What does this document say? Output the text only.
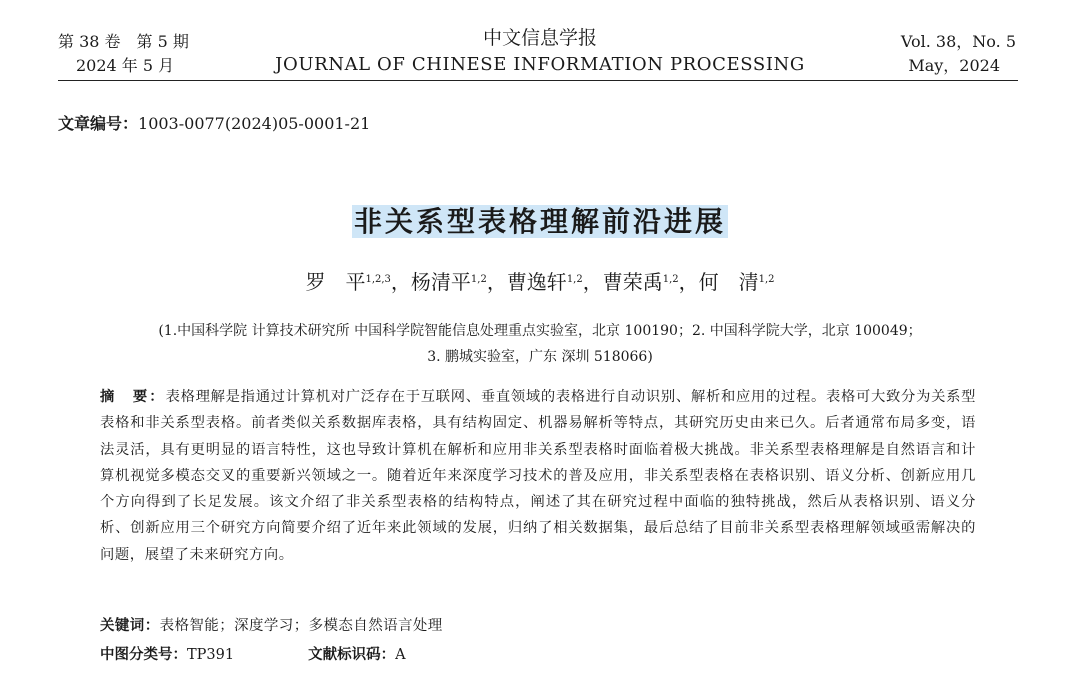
第 38 卷　第 5 期
2024 年 5 月
中文信息学报
JOURNAL OF CHINESE INFORMATION PROCESSING
Vol. 38，No. 5
May，2024
文章编号：1003-0077(2024)05-0001-21
非关系型表格理解前沿进展
罗　平$^{1,2,3}$，杨清平$^{1,2}$，曹逸轩$^{1,2}$，曹荣禹$^{1,2}$，何　清$^{1,2}$
(1.中国科学院 计算技术研究所 中国科学院智能信息处理重点实验室，北京 100190；2. 中国科学院大学，北京 100049；
3. 鹏城实验室，广东 深圳 518066)
摘　要：表格理解是指通过计算机对广泛存在于互联网、垂直领域的表格进行自动识别、解析和应用的过程。表格可大致分为关系型表格和非关系型表格。前者类似关系数据库表格，具有结构固定、机器易解析等特点，其研究历史由来已久。后者通常布局多变，语法灵活，具有更明显的语言特性，这也导致计算机在解析和应用非关系型表格时面临着极大挑战。非关系型表格理解是自然语言和计算机视觉多模态交叉的重要新兴领域之一。随着近年来深度学习技术的普及应用，非关系型表格在表格识别、语义分析、创新应用几个方向得到了长足发展。该文介绍了非关系型表格的结构特点，阐述了其在研究过程中面临的独特挑战，然后从表格识别、语义分析、创新应用三个研究方向简要介绍了近年来此领域的发展，归纳了相关数据集，最后总结了目前非关系型表格理解领域亟需解决的问题，展望了未来研究方向。
关键词：表格智能；深度学习；多模态自然语言处理
中图分类号：TP391	文献标识码：A
